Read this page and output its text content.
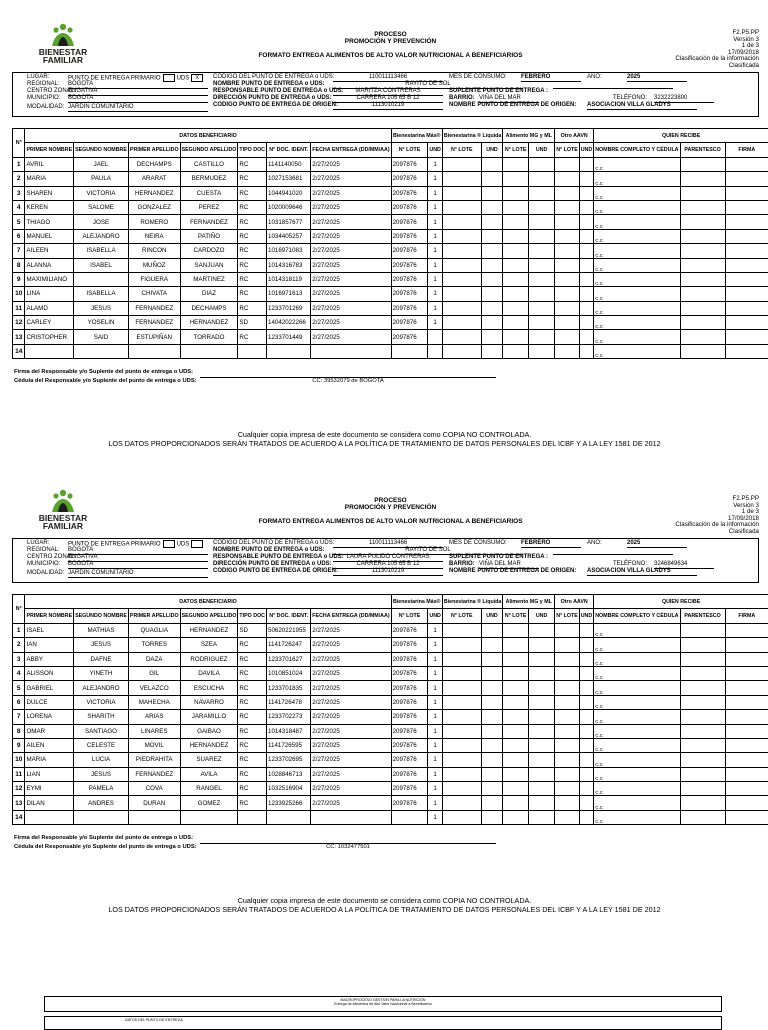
BIENESTAR
FAMILIAR
PROCESO
PROMOCIÓN Y PREVENCIÓN
FORMATO ENTREGA ALIMENTOS DE ALTO VALOR NUTRICIONAL A BENEFICIARIOS
F2.P5.PP
Versión 3
1 de 3
17/09/2018
Clasificación de la información
Clasificada
LUGAR:	PUNTO DE ENTREGA PRIMARIO	UDS X
REGIONAL: BOGOTA
CENTRO ZONAL:
ENGATIVA
MUNICIPIO: BOGOTA
MODALIDAD: JARDIN COMUNITARIO
CODIGO DEL PUNTO DE ENTREGA o UDS:	110011113466
NOMBRE PUNTO DE ENTREGA o UDS:	RAYITO DE SOL
RESPONSABLE PUNTO DE ENTREGA o UDS:	MARITZA CONTRERAS
DIRECCIÓN PUNTO DE ENTREGA o UDS:	CARRERA 105 65 B 12
CODIGO PUNTO DE ENTREGA DE ORIGEN:	1113010219
MES DE CONSUMO: FEBRERO	AÑO:	2025
SUPLENTE PUNTO DE ENTREGA :
BARRIO: VIÑA DEL MAR	TELÉFONO: 3232223800
NOMBRE PUNTO DE ENTREGA DE ORIGEN: ASOCIACION VILLA GLADYS
N°	DATOS BENEFICIARIO							Bienestarina Más®		Bienestarina ® Líquida		Alimento MG y ML		Otro AAVN		QUIEN RECIBE		
	PRIMER NOMBRE	SEGUNDO NOMBRE	PRIMER APELLIDO	SEGUNDO APELLIDO	TIPO DOC	N° DOC. IDENT.	FECHA ENTREGA (DD/MM/AA)	N° LOTE	UND	N° LOTE	UND	N° LOTE	UND	N° LOTE	UND	NOMBRE COMPLETO Y CÉDULA	PARENTESCO	FIRMA
1	AVRIL	JAEL	DECHAMPS	CASTILLO	RC	1141140050	2/27/2025	2097876	1							C.C		
2	MARIA	PAULA	ARARAT	BERMUDEZ	RC	1027153681	2/27/2025	2097876	1							C.C		
3	SHAREN	VICTORIA	HERNANDEZ	CUESTA	RC	1044941020	2/27/2025	2097876	1							C.C		
4	KEREN	SALOME	GONZALEZ	PEREZ	RC	1020009646	2/27/2025	2097876	1							C.C		
5	THIAGO	JOSE	ROMERO	FERNANDEZ	RC	1031857677	2/27/2025	2097876	1							C.C		
6	MANUEL	ALEJANDRO	NEIRA	PATIÑO	RC	1034405257	2/27/2025	2097876	1							C.C		
7	AILEEN	ISABELLA	RINCON	CARDOZO	RC	1016971083	2/27/2025	2097876	1							C.C		
8	ALANNA	ISABEL	MUÑOZ	SANJUAN	RC	1014316783	2/27/2025	2097876	1							C.C		
9	MAXIMILIANO		FIGUERA	MARTINEZ	RC	1014318119	2/27/2025	2097876	1							C.C		
10	LINA	ISABELLA	CHIVATA	DIAZ	RC	1016971613	2/27/2025	2097876	1							C.C		
11	ALAMD	JESUS	FERNANDEZ	DECHAMPS	RC	1233701269	2/27/2025	2097876	1							C.C		
12	CARLEY	YOSELIN	FERNANDEZ	HERNANDEZ	SD	14042022266	2/27/2025	2097876	1							C.C		
13	CRISTOPHER	SAID	ESTUPIÑAN	TORRADO	RC	1233701449	2/27/2025	2097876								C.C		
14																C.C		
Firma del Responsable y/o Suplente del punto de entrega o UDS:
Cédula del Responsable y/o Suplente del punto de entrega o UDS:	CC: 39532079 de BOGOTA
Cualquier copia impresa de este documento se considera como COPIA NO CONTROLADA.
LOS DATOS PROPORCIONADOS SERÁN TRATADOS DE ACUERDO A LA POLÍTICA DE TRATAMIENTO DE DATOS PERSONALES DEL ICBF Y A LA LEY 1581 DE 2012
BIENESTAR
FAMILIAR
PROCESO
PROMOCIÓN Y PREVENCIÓN
FORMATO ENTREGA ALIMENTOS DE ALTO VALOR NUTRICIONAL A BENEFICIARIOS
F2.P5.PP
Versión 3
1 de 3
17/09/2018
Clasificación de la información
Clasificada
LUGAR:	PUNTO DE ENTREGA PRIMARIO	UDS
REGIONAL: BOGOTA
CENTRO ZONAL:
ENGATIVA
MUNICIPIO: BOGOTA
MODALIDAD: JARDIN COMUNITARIO
CODIGO DEL PUNTO DE ENTREGA o UDS:	110011113466
NOMBRE PUNTO DE ENTREGA o UDS:	RAYITO DE SOL
RESPONSABLE PUNTO DE ENTREGA o UDS: LAURA PULIDO CONTRERAS
DIRECCIÓN PUNTO DE ENTREGA o UDS:	CARRERA 105 65 B 12
CODIGO PUNTO DE ENTREGA DE ORIGEN:	1113010219
MES DE CONSUMO: FEBRERO	AÑO:	2025
SUPLENTE PUNTO DE ENTREGA :
BARRIO: VIÑA DEL MAR	TELÉFONO: 3246849634
NOMBRE PUNTO DE ENTREGA DE ORIGEN: ASOCIACION VILLA GLADYS
N°	DATOS BENEFICIARIO							Bienestarina Más®		Bienestarina ® Líquida		Alimento MG y ML		Otro AAVN		QUIEN RECIBE		
	PRIMER NOMBRE	SEGUNDO NOMBRE	PRIMER APELLIDO	SEGUNDO APELLIDO	TIPO DOC	N° DOC. IDENT.	FECHA ENTREGA (DD/MM/AA)	N° LOTE	UND	N° LOTE	UND	N° LOTE	UND	N° LOTE	UND	NOMBRE COMPLETO Y CÉDULA	PARENTESCO	FIRMA
1	ISAEL	MATHIAS	QUAGLIA	HERNANDEZ	SD	50620221955	2/27/2025	2097876	1							C.C		
2	IAN	JESUS	TORRES	SZEA	RC	1141726247	2/27/2025	2097876	1							C.C		
3	ABBY	DAFNE	DAZA	RODRIGUEZ	RC	1233701627	2/27/2025	2097876	1							C.C		
4	ALISSON	YINETH	GIL	DAVILA	RC	1010851024	2/27/2025	2097876	1							C.C		
5	GABRIEL	ALEJANDRO	VELAZCO	ESCUCHA	RC	1233701835	2/27/2025	2097876	1							C.C		
6	DULCE	VICTORIA	MAHECHA	NAVARRO	RC	1141726478	2/27/2025	2097876	1							C.C		
7	LORENA	SHARITH	ARIAS	JARAMILLO	RC	1233702273	2/27/2025	2097876	1							C.C		
8	OMAR	SANTIAGO	LINARES	GAIBAO	RC	1014318487	2/27/2025	2097876	1							C.C		
9	AILEN	CELESTE	MOVIL	HERNANDEZ	RC	1141726595	2/27/2025	2097876	1							C.C		
10	MARIA	LUCIA	PIEDRAHITA	SUAREZ	RC	1233702695	2/27/2025	2097876	1							C.C		
11	LIAN	JESUS	FERNANDEZ	AVILA	RC	1028846713	2/27/2025	2097876	1							C.C		
12	EYMI	PAMELA	COVA	RANGEL	RC	1032516904	2/27/2025	2097876	1							C.C		
13	DILAN	ANDRES	DURAN	GOMEZ	RC	1233925266	2/27/2025	2097876	1							C.C		
14									1							C.C		
Firma del Responsable y/o Suplente del punto de entrega o UDS:
Cédula del Responsable y/o Suplente del punto de entrega o UDS:	CC: 1032477501
Cualquier copia impresa de este documento se considera como COPIA NO CONTROLADA.
LOS DATOS PROPORCIONADOS SERÁN TRATADOS DE ACUERDO A LA POLÍTICA DE TRATAMIENTO DE DATOS PERSONALES DEL ICBF Y A LA LEY 1581 DE 2012
MACROPROCESO GESTION PARA LA NUTRICION
Entrega de Alimentos de Alto Valor Nutricional a Beneficiarios
DATOS DEL PUNTO DE ENTREGA
